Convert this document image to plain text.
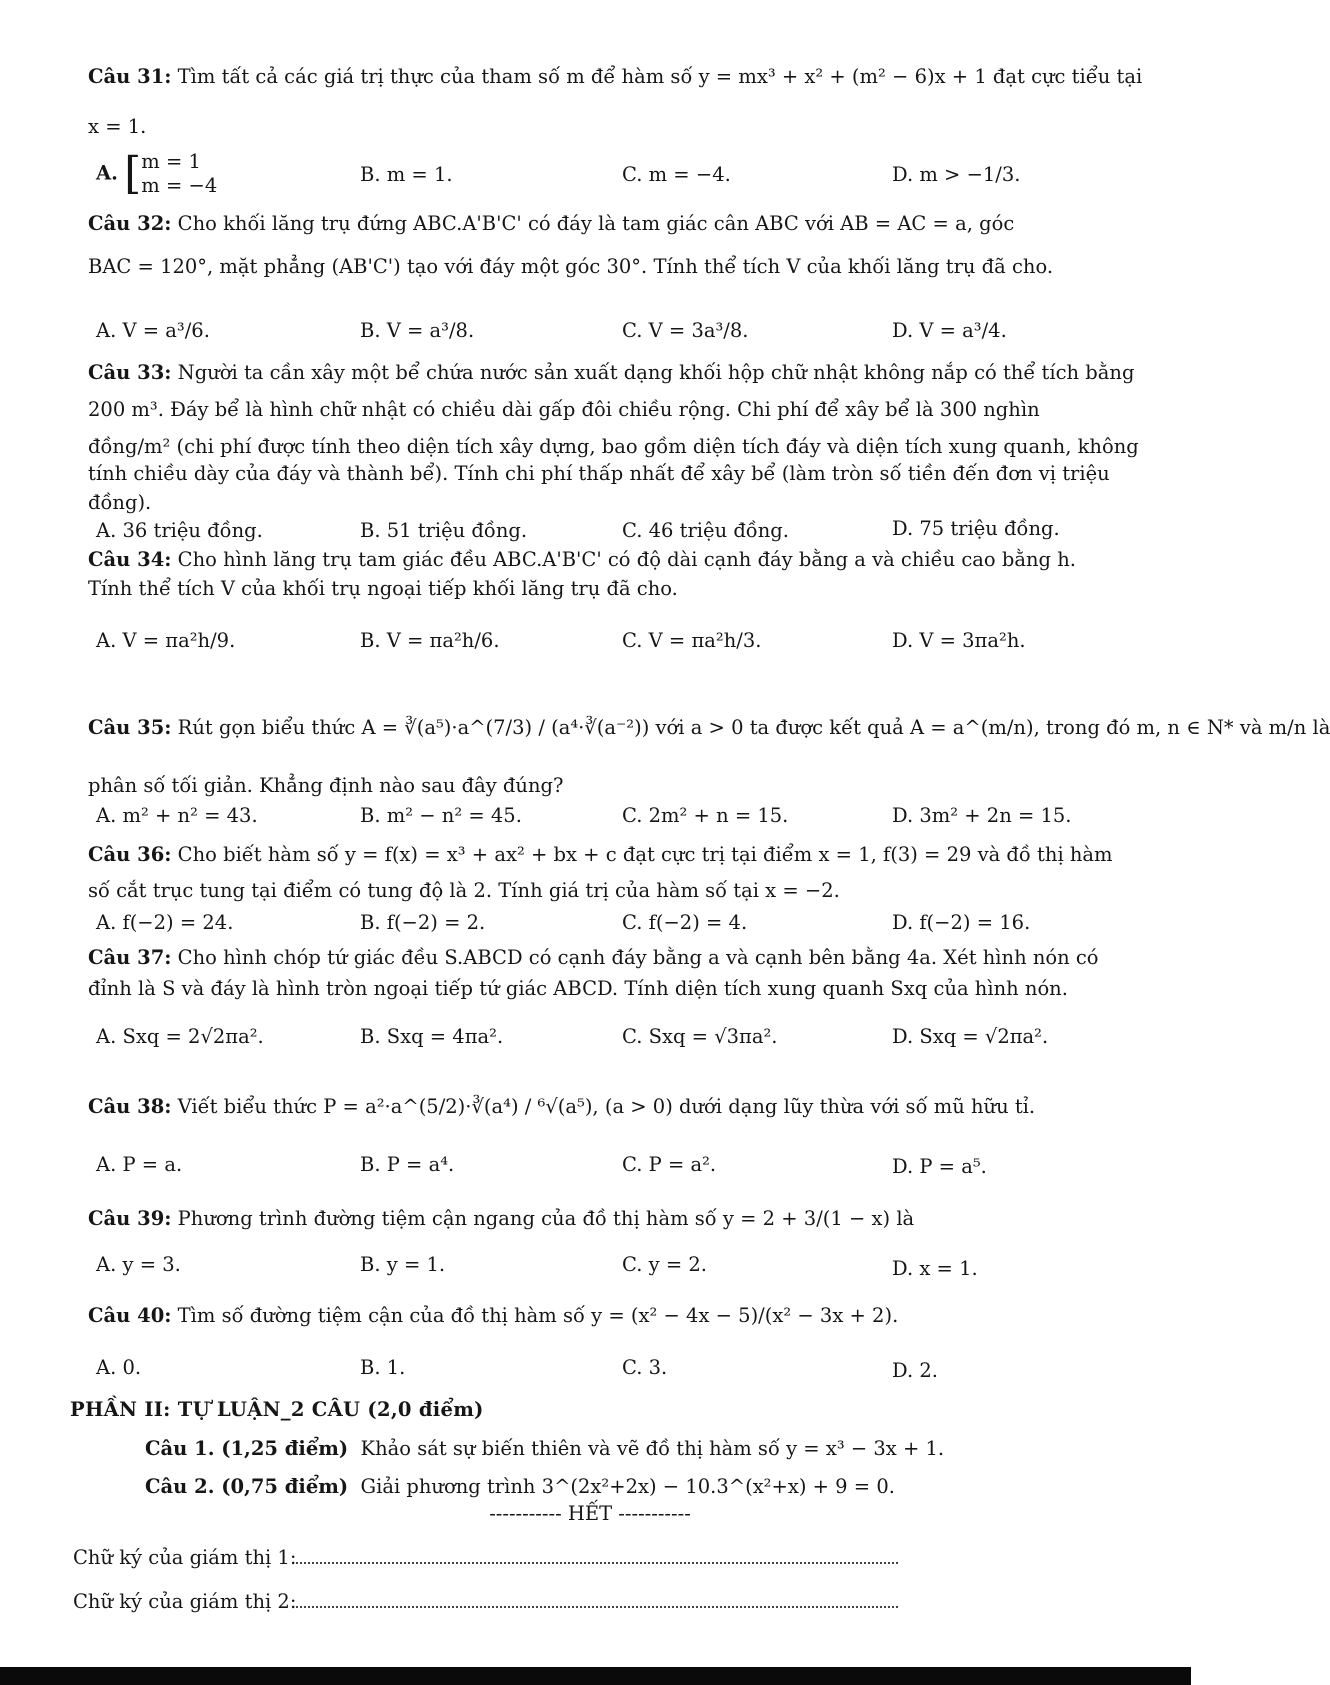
Câu 31: Tìm tất cả các giá trị thực của tham số m để hàm số y = mx³ + x² + (m² − 6)x + 1 đạt cực tiểu tại
x = 1.
A. [ m = 1
m = −4	B. m = 1.	C. m = −4.	D. m > −1/3.
Câu 32: Cho khối lăng trụ đứng ABC.A'B'C' có đáy là tam giác cân ABC với AB = AC = a, góc
BAC = 120°, mặt phẳng (AB'C') tạo với đáy một góc 30°. Tính thể tích V của khối lăng trụ đã cho.
A. V = a³/6.	B. V = a³/8.	C. V = 3a³/8.	D. V = a³/4.
Câu 33: Người ta cần xây một bể chứa nước sản xuất dạng khối hộp chữ nhật không nắp có thể tích bằng
200 m³. Đáy bể là hình chữ nhật có chiều dài gấp đôi chiều rộng. Chi phí để xây bể là 300 nghìn
đồng/m² (chi phí được tính theo diện tích xây dựng, bao gồm diện tích đáy và diện tích xung quanh, không
tính chiều dày của đáy và thành bể). Tính chi phí thấp nhất để xây bể (làm tròn số tiền đến đơn vị triệu
đồng).
A. 36 triệu đồng.	B. 51 triệu đồng.	C. 46 triệu đồng.	D. 75 triệu đồng.
Câu 34: Cho hình lăng trụ tam giác đều ABC.A'B'C' có độ dài cạnh đáy bằng a và chiều cao bằng h.
Tính thể tích V của khối trụ ngoại tiếp khối lăng trụ đã cho.
A. V = πa²h/9.	B. V = πa²h/6.	C. V = πa²h/3.	D. V = 3πa²h.
Câu 35: Rút gọn biểu thức A = ∛(a⁵)·a^(7/3) / (a⁴·∛(a⁻²)) với a > 0 ta được kết quả A = a^(m/n), trong đó m, n ∈ N* và m/n là
phân số tối giản. Khẳng định nào sau đây đúng?
A. m² + n² = 43.	B. m² − n² = 45.	C. 2m² + n = 15.	D. 3m² + 2n = 15.
Câu 36: Cho biết hàm số y = f(x) = x³ + ax² + bx + c đạt cực trị tại điểm x = 1, f(3) = 29 và đồ thị hàm
số cắt trục tung tại điểm có tung độ là 2. Tính giá trị của hàm số tại x = −2.
A. f(−2) = 24.	B. f(−2) = 2.	C. f(−2) = 4.	D. f(−2) = 16.
Câu 37: Cho hình chóp tứ giác đều S.ABCD có cạnh đáy bằng a và cạnh bên bằng 4a. Xét hình nón có
đỉnh là S và đáy là hình tròn ngoại tiếp tứ giác ABCD. Tính diện tích xung quanh Sxq của hình nón.
A. Sxq = 2√2πa².	B. Sxq = 4πa².	C. Sxq = √3πa².	D. Sxq = √2πa².
Câu 38: Viết biểu thức P = a²·a^(5/2)·∛(a⁴) / ⁶√(a⁵), (a > 0) dưới dạng lũy thừa với số mũ hữu tỉ.
A. P = a.	B. P = a⁴.	C. P = a².	D. P = a⁵.
Câu 39: Phương trình đường tiệm cận ngang của đồ thị hàm số y = 2 + 3/(1 − x) là
A. y = 3.	B. y = 1.	C. y = 2.	D. x = 1.
Câu 40: Tìm số đường tiệm cận của đồ thị hàm số y = (x² − 4x − 5)/(x² − 3x + 2).
A. 0.	B. 1.	C. 3.	D. 2.
PHẦN II: TỰ LUẬN_2 CÂU (2,0 điểm)
Câu 1. (1,25 điểm) Khảo sát sự biến thiên và vẽ đồ thị hàm số y = x³ − 3x + 1.
Câu 2. (0,75 điểm) Giải phương trình 3^(2x²+2x) − 10.3^(x²+x) + 9 = 0.
----------- HẾT -----------
Chữ ký của giám thị 1:
Chữ ký của giám thị 2:
